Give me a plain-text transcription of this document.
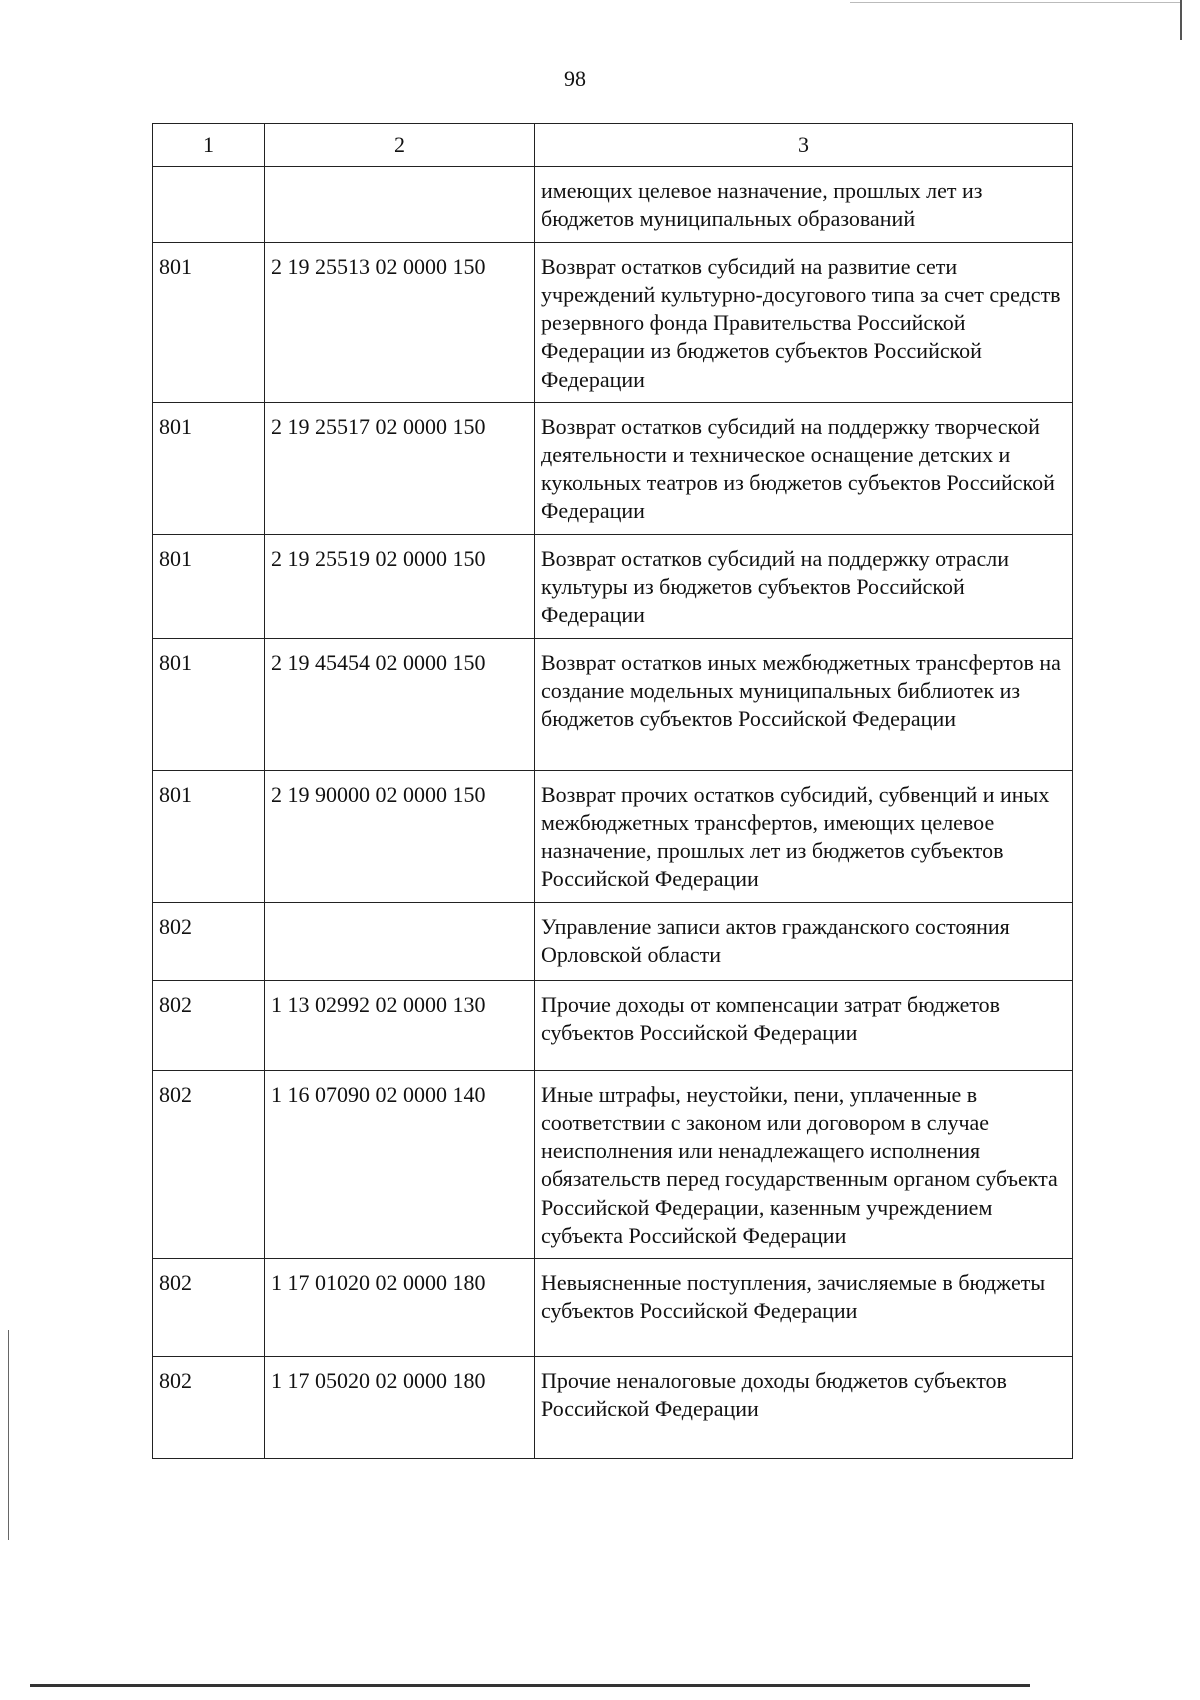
98
1	2	3
		имеющих целевое назначение, прошлых лет из бюджетов муниципальных образований
801	2 19 25513 02 0000 150	Возврат остатков субсидий на развитие сети учреждений культурно-досугового типа за счет средств резервного фонда Правительства Российской Федерации из бюджетов субъектов Российской Федерации
801	2 19 25517 02 0000 150	Возврат остатков субсидий на поддержку творческой деятельности и техническое оснащение детских и кукольных театров из бюджетов субъектов Российской Федерации
801	2 19 25519 02 0000 150	Возврат остатков субсидий на поддержку отрасли культуры из бюджетов субъектов Российской Федерации
801	2 19 45454 02 0000 150	Возврат остатков иных межбюджетных трансфертов на создание модельных муниципальных библиотек из бюджетов субъектов Российской Федерации
801	2 19 90000 02 0000 150	Возврат прочих остатков субсидий, субвенций и иных межбюджетных трансфертов, имеющих целевое назначение, прошлых лет из бюджетов субъектов Российской Федерации
802		Управление записи актов гражданского состояния Орловской области
802	1 13 02992 02 0000 130	Прочие доходы от компенсации затрат бюджетов субъектов Российской Федерации
802	1 16 07090 02 0000 140	Иные штрафы, неустойки, пени, уплаченные в соответствии с законом или договором в случае неисполнения или ненадлежащего исполнения обязательств перед государственным органом субъекта Российской Федерации, казенным учреждением субъекта Российской Федерации
802	1 17 01020 02 0000 180	Невыясненные поступления, зачисляемые в бюджеты субъектов Российской Федерации
802	1 17 05020 02 0000 180	Прочие неналоговые доходы бюджетов субъектов Российской Федерации
